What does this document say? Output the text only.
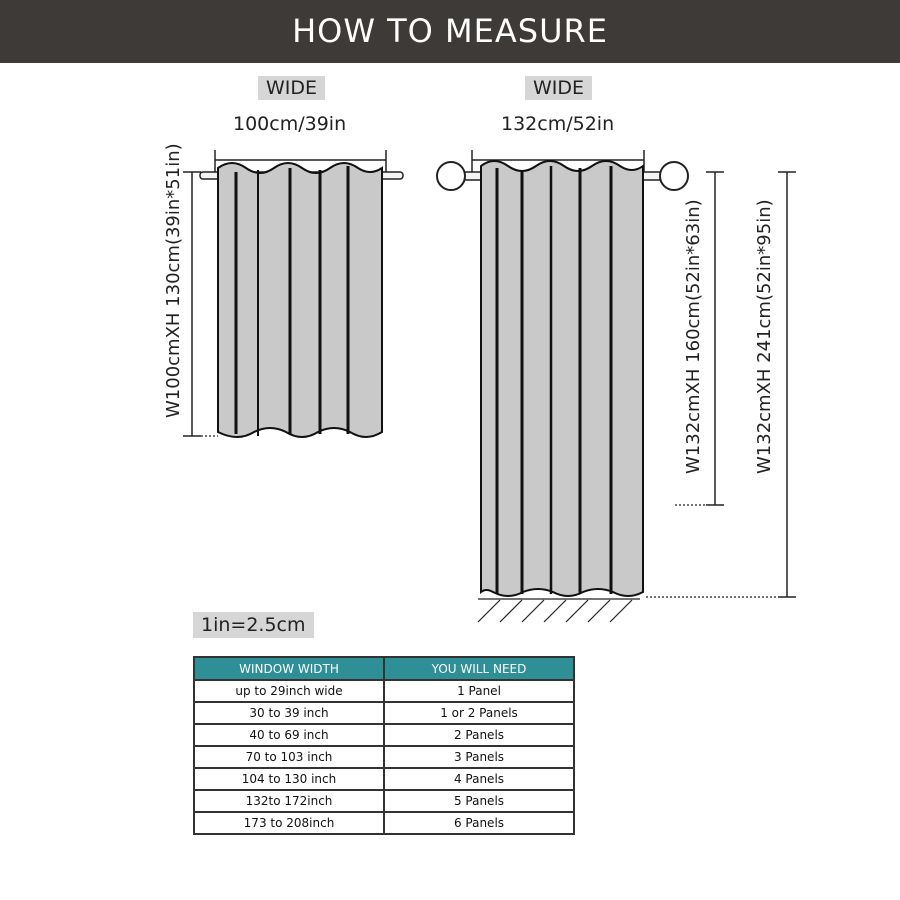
HOW TO MEASURE
WIDE
100cm/39in
WIDE
132cm/52in
W100cmXH 130cm(39in*51in)	W132cmXH 160cm(52in*63in)	W132cmXH 241cm(52in*95in)
1in=2.5cm
WINDOW WIDTH	YOU WILL NEED
up to 29inch wide	1 Panel
30 to 39 inch	1 or 2 Panels
40 to 69 inch	2 Panels
70 to 103 inch	3 Panels
104 to 130 inch	4 Panels
132to 172inch	5 Panels
173 to 208inch	6 Panels
